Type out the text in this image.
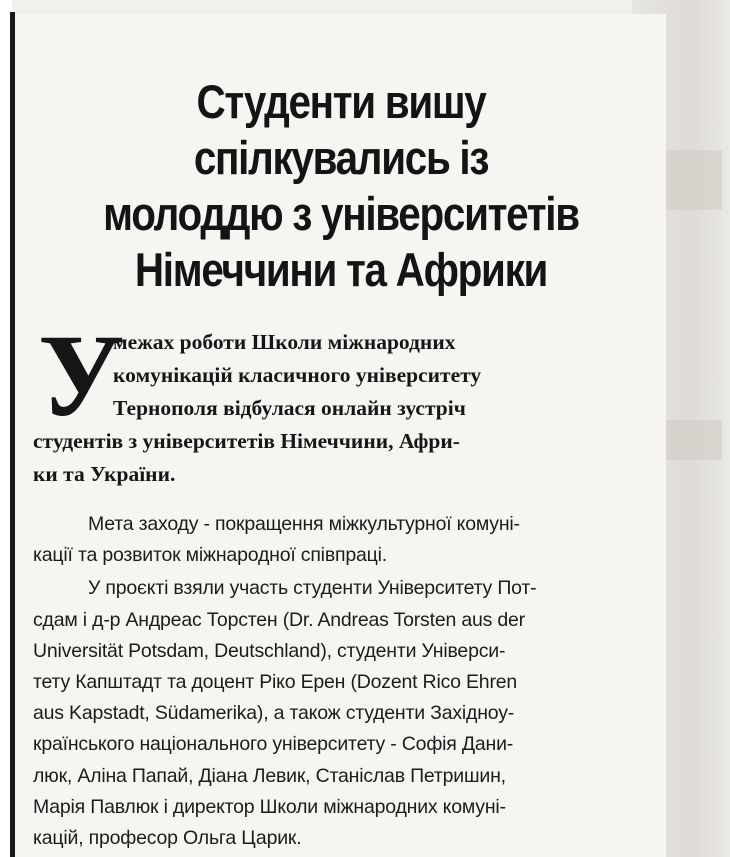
Студенти вишу
спілкувались із
молоддю з університетів
Німеччини та Африки
У
межах роботи Школи міжнародних
комунікацій класичного університету
Тернополя відбулася онлайн зустріч
студентів з університетів Німеччини, Афри-
ки та України.
Мета заходу - покращення міжкультурної комуні-
кації та розвиток міжнародної співпраці.
У проєкті взяли участь студенти Університету Пот-
сдам і д-р Андреас Торстен (Dr. Andreas Torsten aus der
Universität Potsdam, Deutschland), студенти Універси-
тету Капштадт та доцент Ріко Ерен (Dozent Rico Ehren
aus Kapstadt, Südamerika), а також студенти Західноу-
країнського національного університету - Софія Дани-
люк, Аліна Папай, Діана Левик, Станіслав Петришин,
Марія Павлюк і директор Школи міжнародних комуні-
кацій, професор Ольга Царик.
